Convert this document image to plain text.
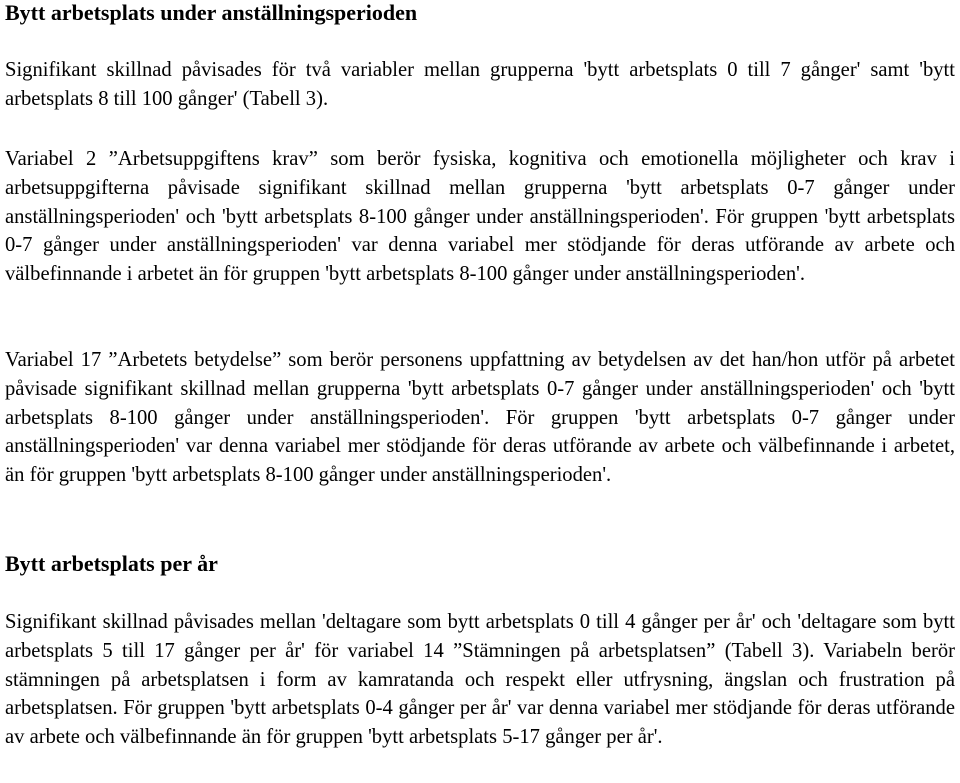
Bytt arbetsplats under anställningsperioden

Signifikant skillnad påvisades för två variabler mellan grupperna 'bytt arbetsplats 0 till 7 gånger' samt 'bytt arbetsplats 8 till 100 gånger' (Tabell 3).

Variabel 2 ”Arbetsuppgiftens krav” som berör fysiska, kognitiva och emotionella möjligheter och krav i arbetsuppgifterna påvisade signifikant skillnad mellan grupperna 'bytt arbetsplats 0-7 gånger under anställningsperioden' och 'bytt arbetsplats 8-100 gånger under anställningsperioden'. För gruppen 'bytt arbetsplats 0-7 gånger under anställningsperioden' var denna variabel mer stödjande för deras utförande av arbete och välbefinnande i arbetet än för gruppen 'bytt arbetsplats 8-100 gånger under anställningsperioden'.

Variabel 17 ”Arbetets betydelse” som berör personens uppfattning av betydelsen av det han/hon utför på arbetet påvisade signifikant skillnad mellan grupperna 'bytt arbetsplats 0-7 gånger under anställningsperioden' och 'bytt arbetsplats 8-100 gånger under anställningsperioden'. För gruppen 'bytt arbetsplats 0-7 gånger under anställningsperioden' var denna variabel mer stödjande för deras utförande av arbete och välbefinnande i arbetet, än för gruppen 'bytt arbetsplats 8-100 gånger under anställningsperioden'.

Bytt arbetsplats per år

Signifikant skillnad påvisades mellan 'deltagare som bytt arbetsplats 0 till 4 gånger per år' och 'deltagare som bytt arbetsplats 5 till 17 gånger per år' för variabel 14 ”Stämningen på arbetsplatsen” (Tabell 3). Variabeln berör stämningen på arbetsplatsen i form av kamratanda och respekt eller utfrysning, ängslan och frustration på arbetsplatsen. För gruppen 'bytt arbetsplats 0-4 gånger per år' var denna variabel mer stödjande för deras utförande av arbete och välbefinnande än för gruppen 'bytt arbetsplats 5-17 gånger per år'.
